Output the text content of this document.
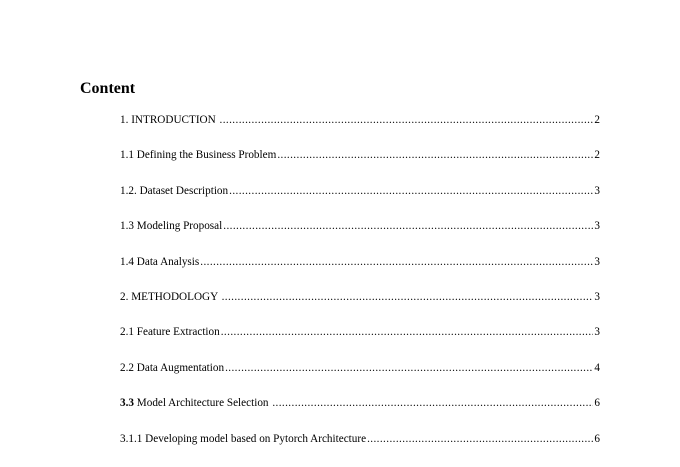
Content
1. INTRODUCTION .....	2
1.1 Defining the Business Problem .....	2
1.2. Dataset Description .....	3
1.3 Modeling Proposal .....	3
1.4 Data Analysis .....	3
2. METHODOLOGY .....	3
2.1 Feature Extraction .....	3
2.2 Data Augmentation .....	4
3.3 Model Architecture Selection .....	6
3.1.1 Developing model based on Pytorch Architecture .....	6
